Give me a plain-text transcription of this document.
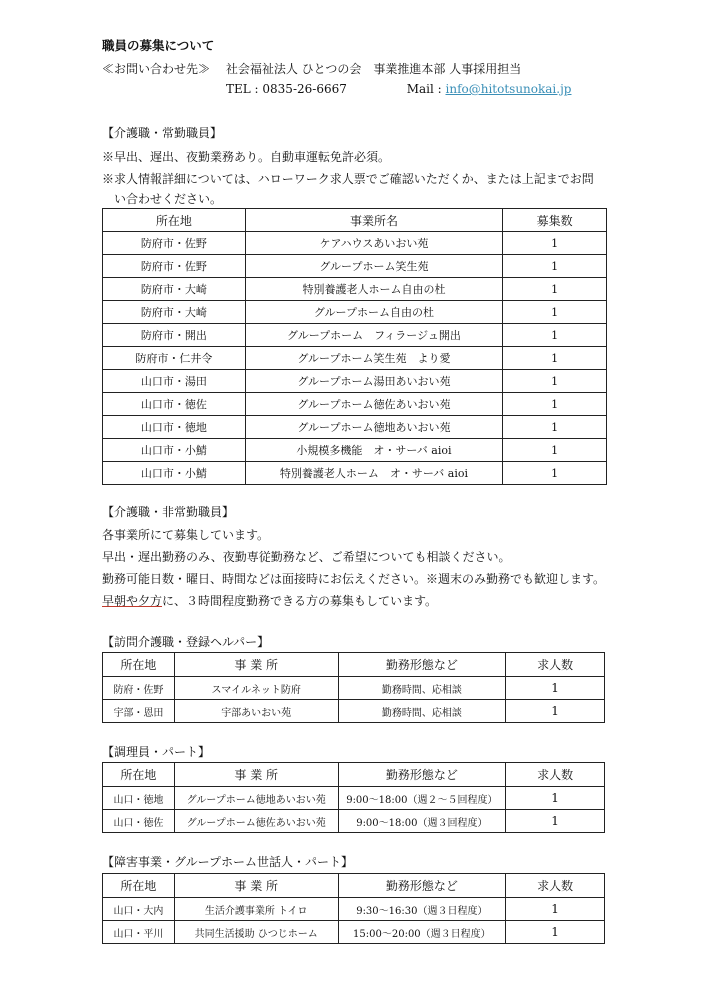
職員の募集について
≪お問い合わせ先≫　 社会福祉法人 ひとつの会　事業推進本部 人事採用担当
TEL : 0835-26-6667	Mail : info@hitotsunokai.jp
【介護職・常勤職員】
※早出、遅出、夜勤業務あり。自動車運転免許必須。
※求人情報詳細については、ハローワーク求人票でご確認いただくか、または上記までお問
い合わせください。
所在地	事業所名	募集数
防府市・佐野	ケアハウスあいおい苑	1
防府市・佐野	グループホーム笑生苑	1
防府市・大崎	特別養護老人ホーム自由の杜	1
防府市・大崎	グループホーム自由の杜	1
防府市・開出	グループホーム　フィラージュ開出	1
防府市・仁井令	グループホーム笑生苑　より愛	1
山口市・湯田	グループホーム湯田あいおい苑	1
山口市・徳佐	グループホーム徳佐あいおい苑	1
山口市・徳地	グループホーム徳地あいおい苑	1
山口市・小鯖	小規模多機能　オ・サーバ aioi	1
山口市・小鯖	特別養護老人ホーム　オ・サーバ aioi	1
【介護職・非常勤職員】
各事業所にて募集しています。
早出・遅出勤務のみ、夜勤専従勤務など、ご希望についても相談ください。
勤務可能日数・曜日、時間などは面接時にお伝えください。※週末のみ勤務でも歓迎します。
早朝や夕方に、３時間程度勤務できる方の募集もしています。
【訪問介護職・登録ヘルパー】
所在地	事 業 所	勤務形態など	求人数
防府・佐野	スマイルネット防府	勤務時間、応相談	1
宇部・恩田	宇部あいおい苑	勤務時間、応相談	1
【調理員・パート】
所在地	事 業 所	勤務形態など	求人数
山口・徳地	グループホーム徳地あいおい苑	9:00～18:00（週２～５回程度）	1
山口・徳佐	グループホーム徳佐あいおい苑	9:00～18:00（週３回程度）	1
【障害事業・グループホーム世話人・パート】
所在地	事 業 所	勤務形態など	求人数
山口・大内	生活介護事業所 トイロ	9:30～16:30（週３日程度）	1
山口・平川	共同生活援助 ひつじホーム	15:00～20:00（週３日程度）	1
